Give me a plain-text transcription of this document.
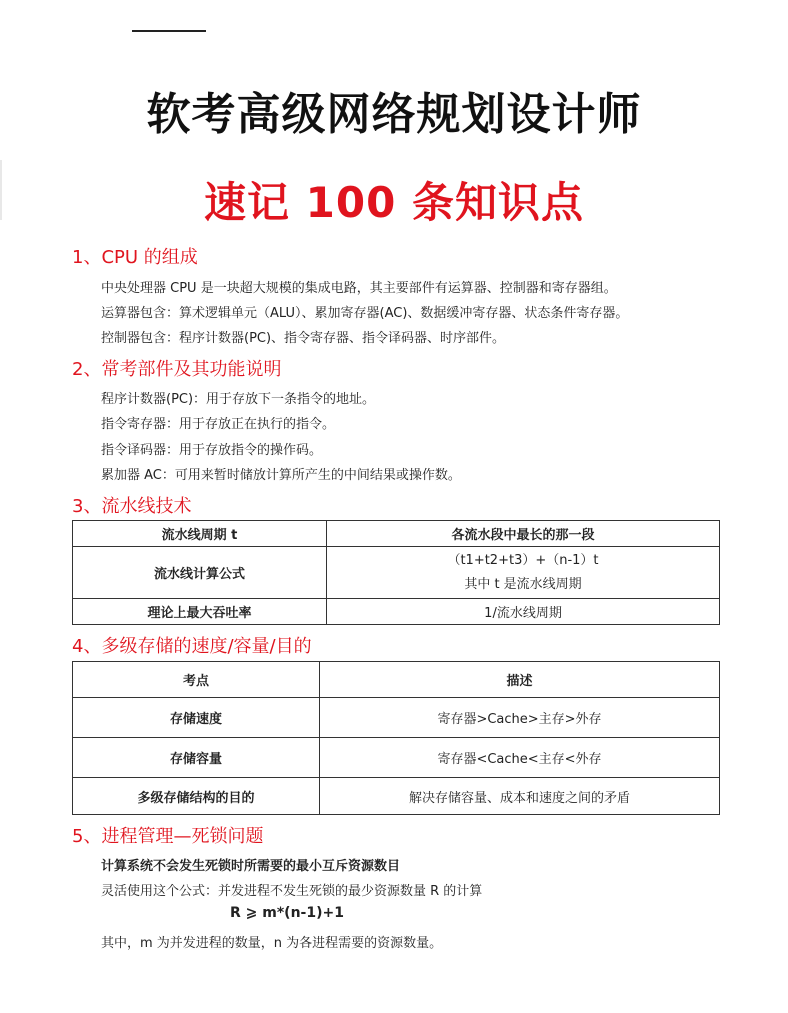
软考高级网络规划设计师
速记 100 条知识点
1、CPU 的组成
中央处理器 CPU 是一块超大规模的集成电路，其主要部件有运算器、控制器和寄存器组。
运算器包含：算术逻辑单元（ALU）、累加寄存器(AC)、数据缓冲寄存器、状态条件寄存器。
控制器包含：程序计数器(PC)、指令寄存器、指令译码器、时序部件。
2、常考部件及其功能说明
程序计数器(PC)：用于存放下一条指令的地址。
指令寄存器：用于存放正在执行的指令。
指令译码器：用于存放指令的操作码。
累加器 AC：可用来暂时储放计算所产生的中间结果或操作数。
3、流水线技术
流水线周期 t	各流水段中最长的那一段
流水线计算公式	（t1+t2+t3）+（n-1）t
其中 t 是流水线周期

理论上最大吞吐率	1/流水线周期
4、多级存储的速度/容量/目的
考点	描述
存储速度	寄存器>Cache>主存>外存
存储容量	寄存器<Cache<主存<外存
多级存储结构的目的	解决存储容量、成本和速度之间的矛盾
5、进程管理—死锁问题
计算系统不会发生死锁时所需要的最小互斥资源数目
灵活使用这个公式：并发进程不发生死锁的最少资源数量 R 的计算
R ⩾ m*(n-1)+1
其中，m 为并发进程的数量，n 为各进程需要的资源数量。
